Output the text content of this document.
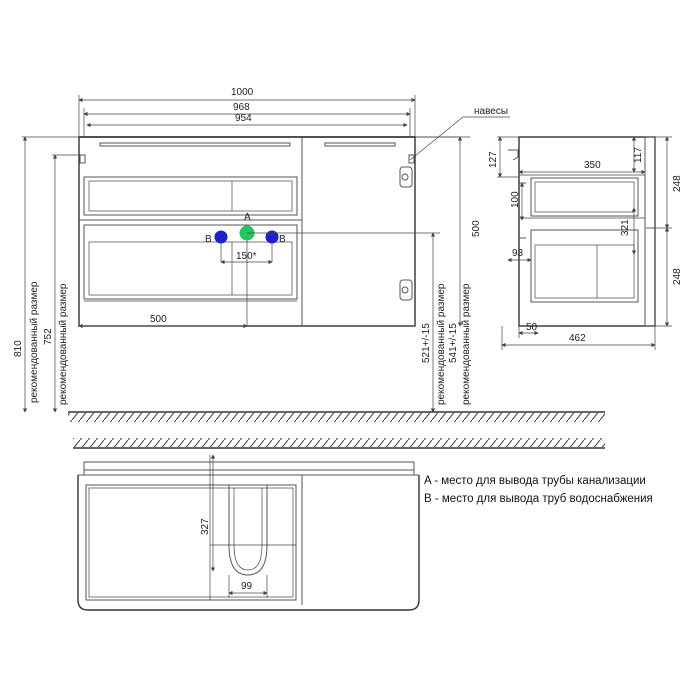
A
B	B
150*
500
1000
968
954
810 рекомендованный размер 752 рекомендованный размер
500
521+/-15 рекомендованный размер 541+/-15 рекомендованный размер
навесы
127	350
117
248
100
321
93
248
50
462
327
99
A - место для вывода трубы канализации
B - место для вывода труб водоснабжения
